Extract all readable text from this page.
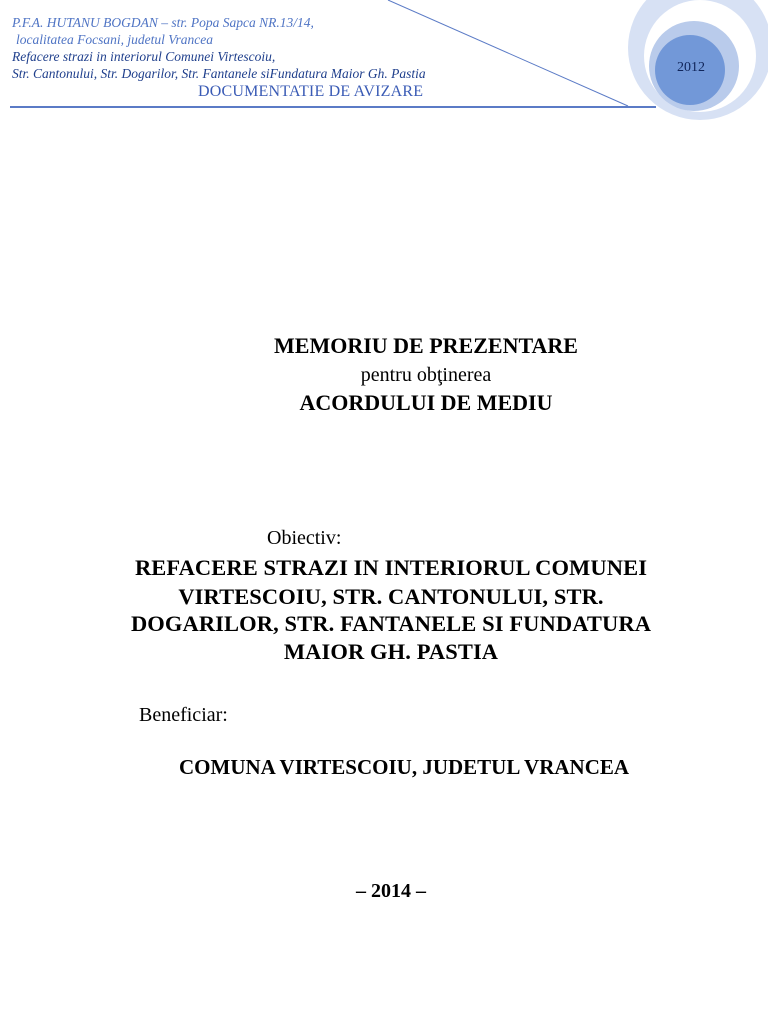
P.F.A. HUTANU BOGDAN – str. Popa Sapca NR.13/14,
localitatea Focsani, judetul Vrancea
Refacere strazi in interiorul Comunei Virtescoiu,
Str. Cantonului, Str. Dogarilor, Str. Fantanele siFundatura Maior Gh. Pastia
DOCUMENTATIE DE AVIZARE
2012
MEMORIU DE PREZENTARE
pentru obţinerea
ACORDULUI DE MEDIU
Obiectiv:
REFACERE STRAZI IN INTERIORUL COMUNEI
VIRTESCOIU, STR. CANTONULUI, STR.
DOGARILOR, STR. FANTANELE SI FUNDATURA
MAIOR GH. PASTIA
Beneficiar:
COMUNA VIRTESCOIU, JUDETUL VRANCEA
– 2014 –
